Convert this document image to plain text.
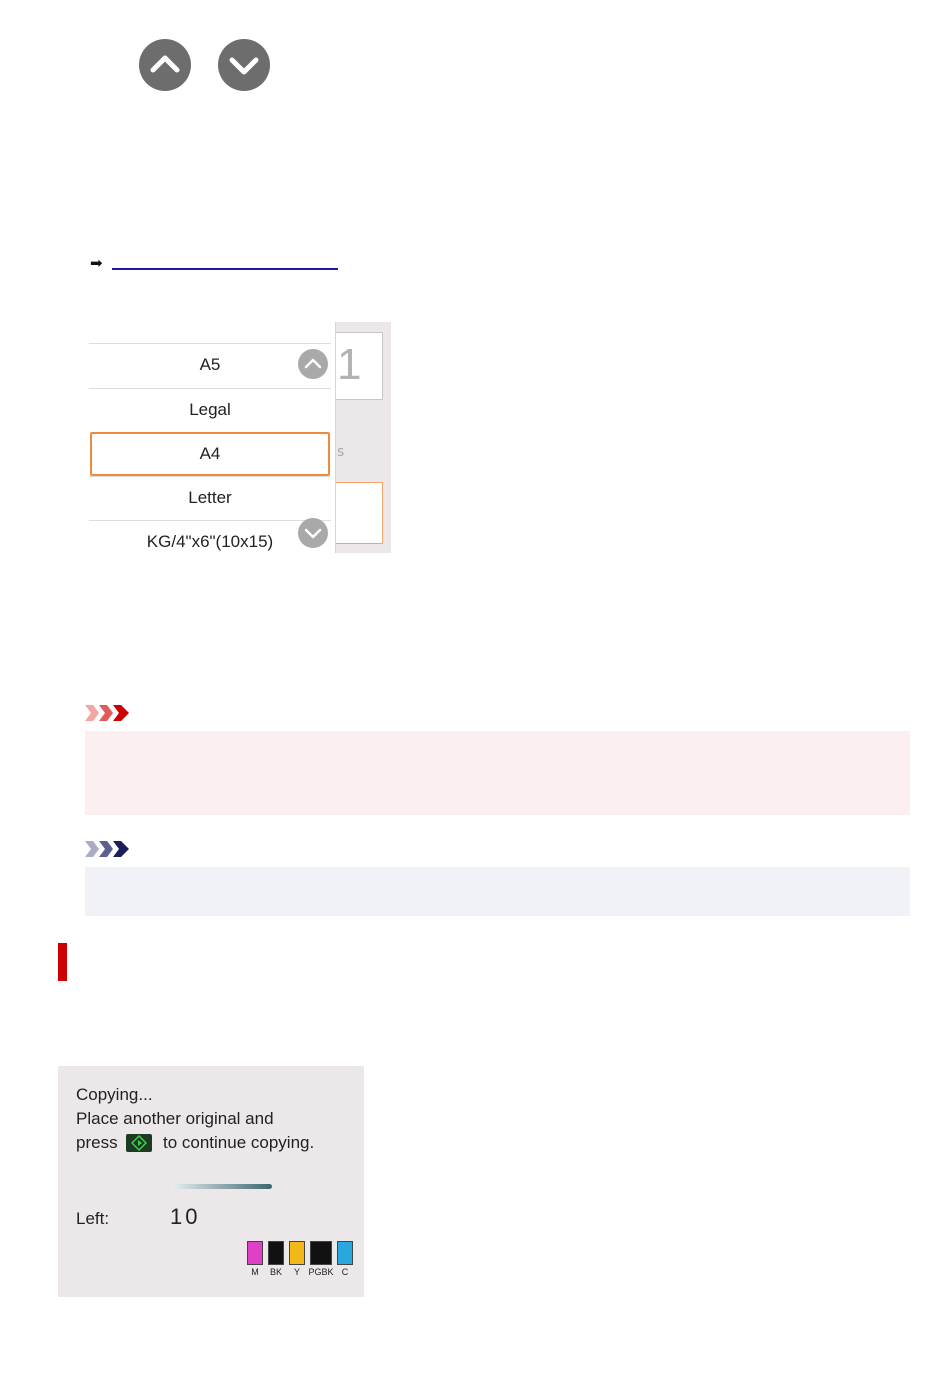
➡
1
s
A5
Legal
A4
Letter
KG/4"x6"(10x15)
Copying...
Place another original and
press	to continue copying.
Left:	10
M	BK	Y PGBK C
